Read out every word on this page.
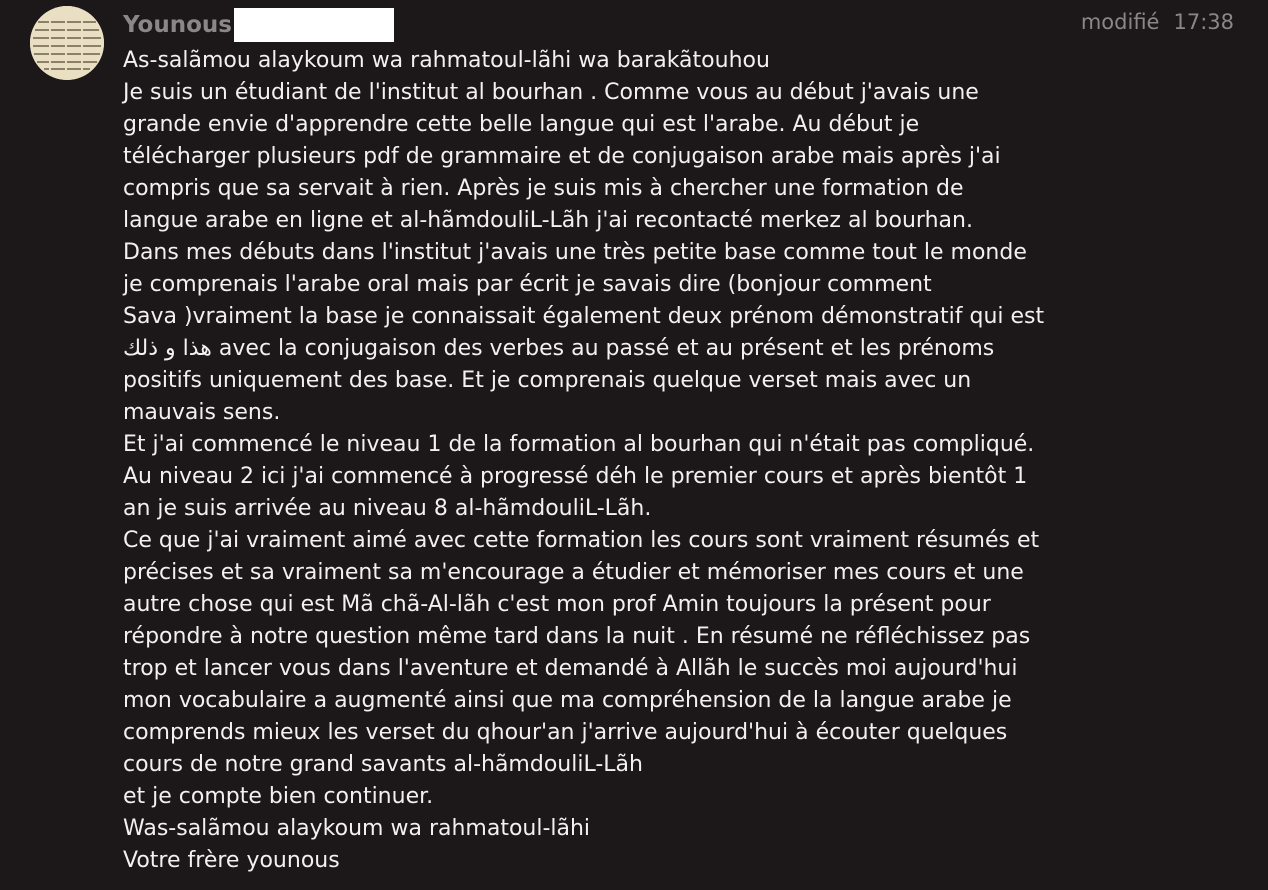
Younous	modifié 17:38
As-salãmou alaykoum wa rahmatoul-lãhi wa barakãtouhou
Je suis un étudiant de l'institut al bourhan . Comme vous au début j'avais une
grande envie d'apprendre cette belle langue qui est l'arabe. Au début je
télécharger plusieurs pdf de grammaire et de conjugaison arabe mais après j'ai
compris que sa servait à rien. Après je suis mis à chercher une formation de
langue arabe en ligne et al-hãmdouliL-Lãh j'ai recontacté merkez al bourhan.
Dans mes débuts dans l'institut j'avais une très petite base comme tout le monde
je comprenais l'arabe oral mais par écrit je savais dire (bonjour comment
Sava )vraiment la base je connaissait également deux prénom démonstratif qui est
هذا و ذلك avec la conjugaison des verbes au passé et au présent et les prénoms
positifs uniquement des base. Et je comprenais quelque verset mais avec un
mauvais sens.
Et j'ai commencé le niveau 1 de la formation al bourhan qui n'était pas compliqué.
Au niveau 2 ici j'ai commencé à progressé déh le premier cours et après bientôt 1
an je suis arrivée au niveau 8 al-hãmdouliL-Lãh.
Ce que j'ai vraiment aimé avec cette formation les cours sont vraiment résumés et
précises et sa vraiment sa m'encourage a étudier et mémoriser mes cours et une
autre chose qui est Mã chã-Al-lãh c'est mon prof Amin toujours la présent pour
répondre à notre question même tard dans la nuit . En résumé ne réfléchissez pas
trop et lancer vous dans l'aventure et demandé à Allãh le succès moi aujourd'hui
mon vocabulaire a augmenté ainsi que ma compréhension de la langue arabe je
comprends mieux les verset du qhour'an j'arrive aujourd'hui à écouter quelques
cours de notre grand savants al-hãmdouliL-Lãh
et je compte bien continuer.
Was-salãmou alaykoum wa rahmatoul-lãhi
Votre frère younous
